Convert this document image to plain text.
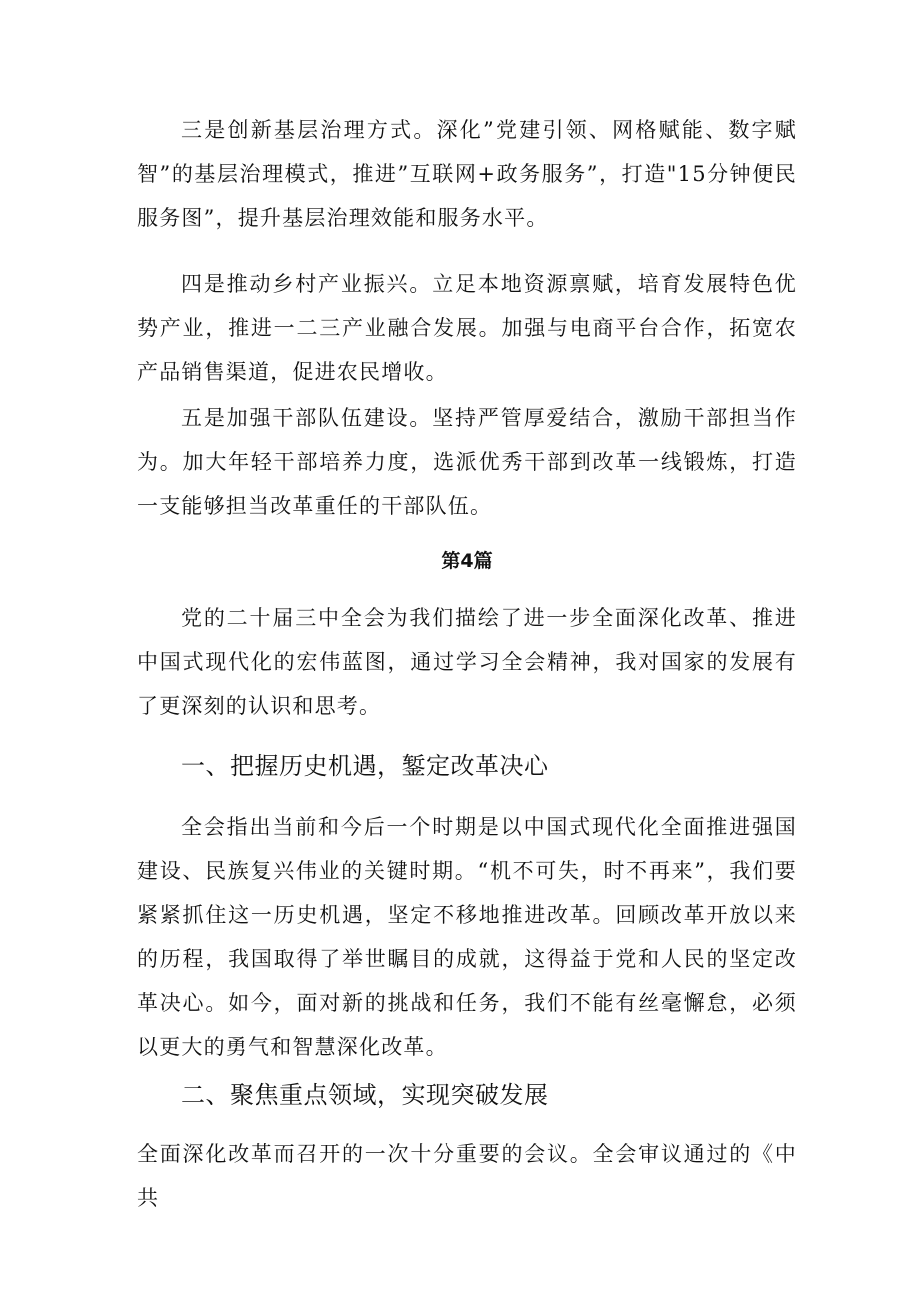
三是创新基层治理方式。深化”党建引领、网格赋能、数字赋智”的基层治理模式，推进”互联网+政务服务”，打造"15分钟便民服务图”，提升基层治理效能和服务水平。

四是推动乡村产业振兴。立足本地资源禀赋，培育发展特色优势产业，推进一二三产业融合发展。加强与电商平台合作，拓宽农产品销售渠道，促进农民增收。

五是加强干部队伍建设。坚持严管厚爱结合，激励干部担当作为。加大年轻干部培养力度，选派优秀干部到改革一线锻炼，打造一支能够担当改革重任的干部队伍。

第4篇

党的二十届三中全会为我们描绘了进一步全面深化改革、推进中国式现代化的宏伟蓝图，通过学习全会精神，我对国家的发展有了更深刻的认识和思考。

一、把握历史机遇，錾定改革决心

全会指出当前和今后一个时期是以中国式现代化全面推进强国建设、民族复兴伟业的关键时期。“机不可失，时不再来”，我们要紧紧抓住这一历史机遇，坚定不移地推进改革。回顾改革开放以来的历程，我国取得了举世瞩目的成就，这得益于党和人民的坚定改革决心。如今，面对新的挑战和任务，我们不能有丝毫懈怠，必须以更大的勇气和智慧深化改革。

二、聚焦重点领域，实现突破发展

全面深化改革而召开的一次十分重要的会议。全会审议通过的《中共
